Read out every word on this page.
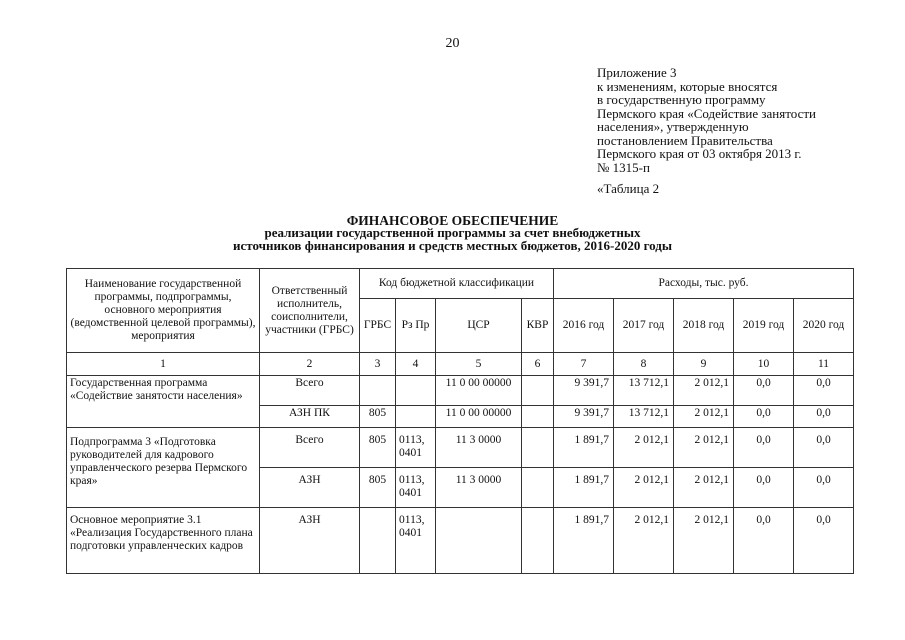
20
Приложение 3
к изменениям, которые вносятся
в государственную программу
Пермского края «Содействие занятости
населения», утвержденную
постановлением Правительства
Пермского края от 03 октября 2013 г.
№ 1315-п
«Таблица 2
ФИНАНСОВОЕ ОБЕСПЕЧЕНИЕ
реализации государственной программы за счет внебюджетных
источников финансирования и средств местных бюджетов, 2016-2020 годы
Наименование государственной программы, подпрограммы, основного мероприятия (ведомственной целевой программы), мероприятия	Ответственный исполнитель, соисполнители, участники (ГРБС)	Код бюджетной классификации				Расходы, тыс. руб.				
		ГРБС	Рз Пр	ЦСР	КВР	2016 год	2017 год	2018 год	2019 год	2020 год
1	2	3	4	5	6	7	8	9	10	11
Государственная программа «Содействие занятости населения»	Всего			11 0 00 00000		9 391,7	13 712,1	2 012,1	0,0	0,0
	АЗН ПК	805		11 0 00 00000		9 391,7	13 712,1	2 012,1	0,0	0,0
Подпрограмма 3 «Подготовка руководителей для кадрового управленческого резерва Пермского края»	Всего	805	0113, 0401	11 3 0000		1 891,7	2 012,1	2 012,1	0,0	0,0
	АЗН	805	0113, 0401	11 3 0000		1 891,7	2 012,1	2 012,1	0,0	0,0
Основное мероприятие 3.1 «Реализация Государственного плана подготовки управленческих кадров	АЗН		0113, 0401			1 891,7	2 012,1	2 012,1	0,0	0,0
